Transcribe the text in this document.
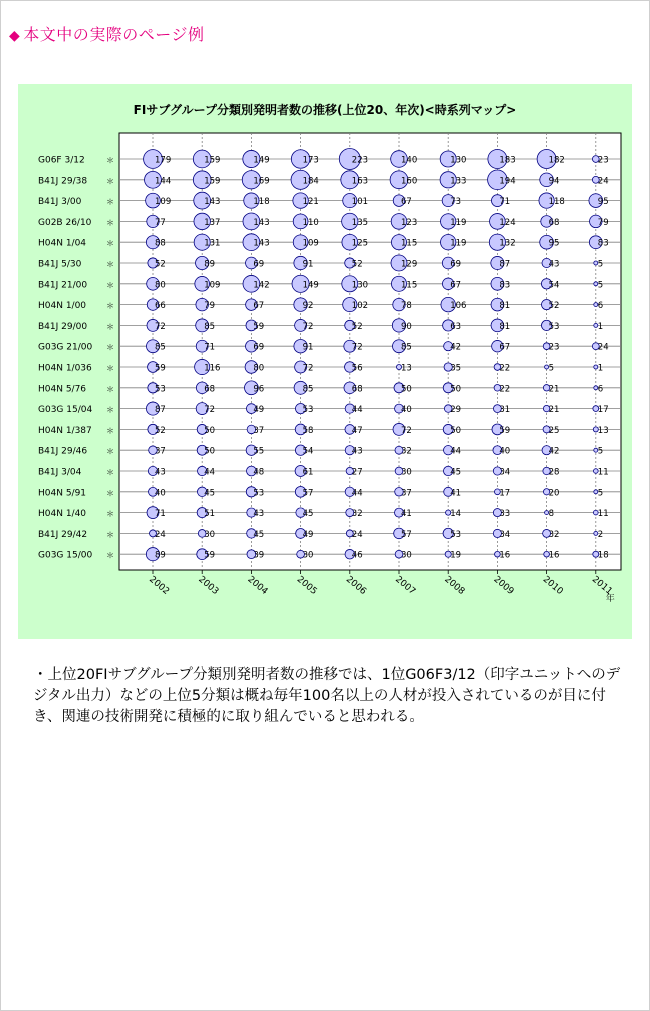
◆ 本文中の実際のページ例
FIサブグループ分類別発明者数の推移(上位20、年次)<時系列マップ>
2002	2003	2004	2005	2006	2007	2008	2009	2010	2011
年
G06F 3/12	＊	179	159	149	173	223	140	130	183	182	23
B41J 29/38 ＊	144	159	169	184	163	160	133	194	94	24
B41J 3/00	＊	109	143	118	121	101	67	73	71	118	95
G02B 26/10 ＊	77	137	143	110	135	123	119	124	68	79
H04N 1/04 ＊	88	131	143	109	125	115	119	132	95	83
B41J 5/30	＊	52	89	69	91	52	129	69	87	43	5
B41J 21/00 ＊	80	109	142	149	130	115	67	83	54	5
H04N 1/00 ＊	66	79	67	92	102	78	106	81	52	6
B41J 29/00 ＊	72	85	59	72	52	90	63	81	53	1
G03G 21/00 ＊	85	71	69	91	72	85	42	67	23	24
H04N 1/036 ＊	59	116	80	72	56	13	35	22	5	1
H04N 5/76 ＊	53	68	96	85	68	50	50	22	21	6
G03G 15/04 ＊	87	72	49	53	44	40	29	31	21	17
H04N 1/387 ＊	52	50	37	58	47	72	50	59	25	13
B41J 29/46 ＊	37	50	55	54	43	32	44	40	42	5
B41J 3/04	＊	43	44	48	61	27	30	45	34	28	11
H04N 5/91 ＊	40	45	53	57	44	37	41	17	20	5
H04N 1/40 ＊	71	51	43	45	32	41	14	33	8	11
B41J 29/42 ＊	24	30	45	49	24	57	53	34	32	2
G03G 15/00 ＊	89	59	39	30	46	30	19	16	16	18
・上位20FIサブグループ分類別発明者数の推移では、1位G06F3/12（印字ユニットへのデジタル出力）などの上位5分類は概ね毎年100名以上の人材が投入されているのが目に付き、関連の技術開発に積極的に取り組んでいると思われる。
